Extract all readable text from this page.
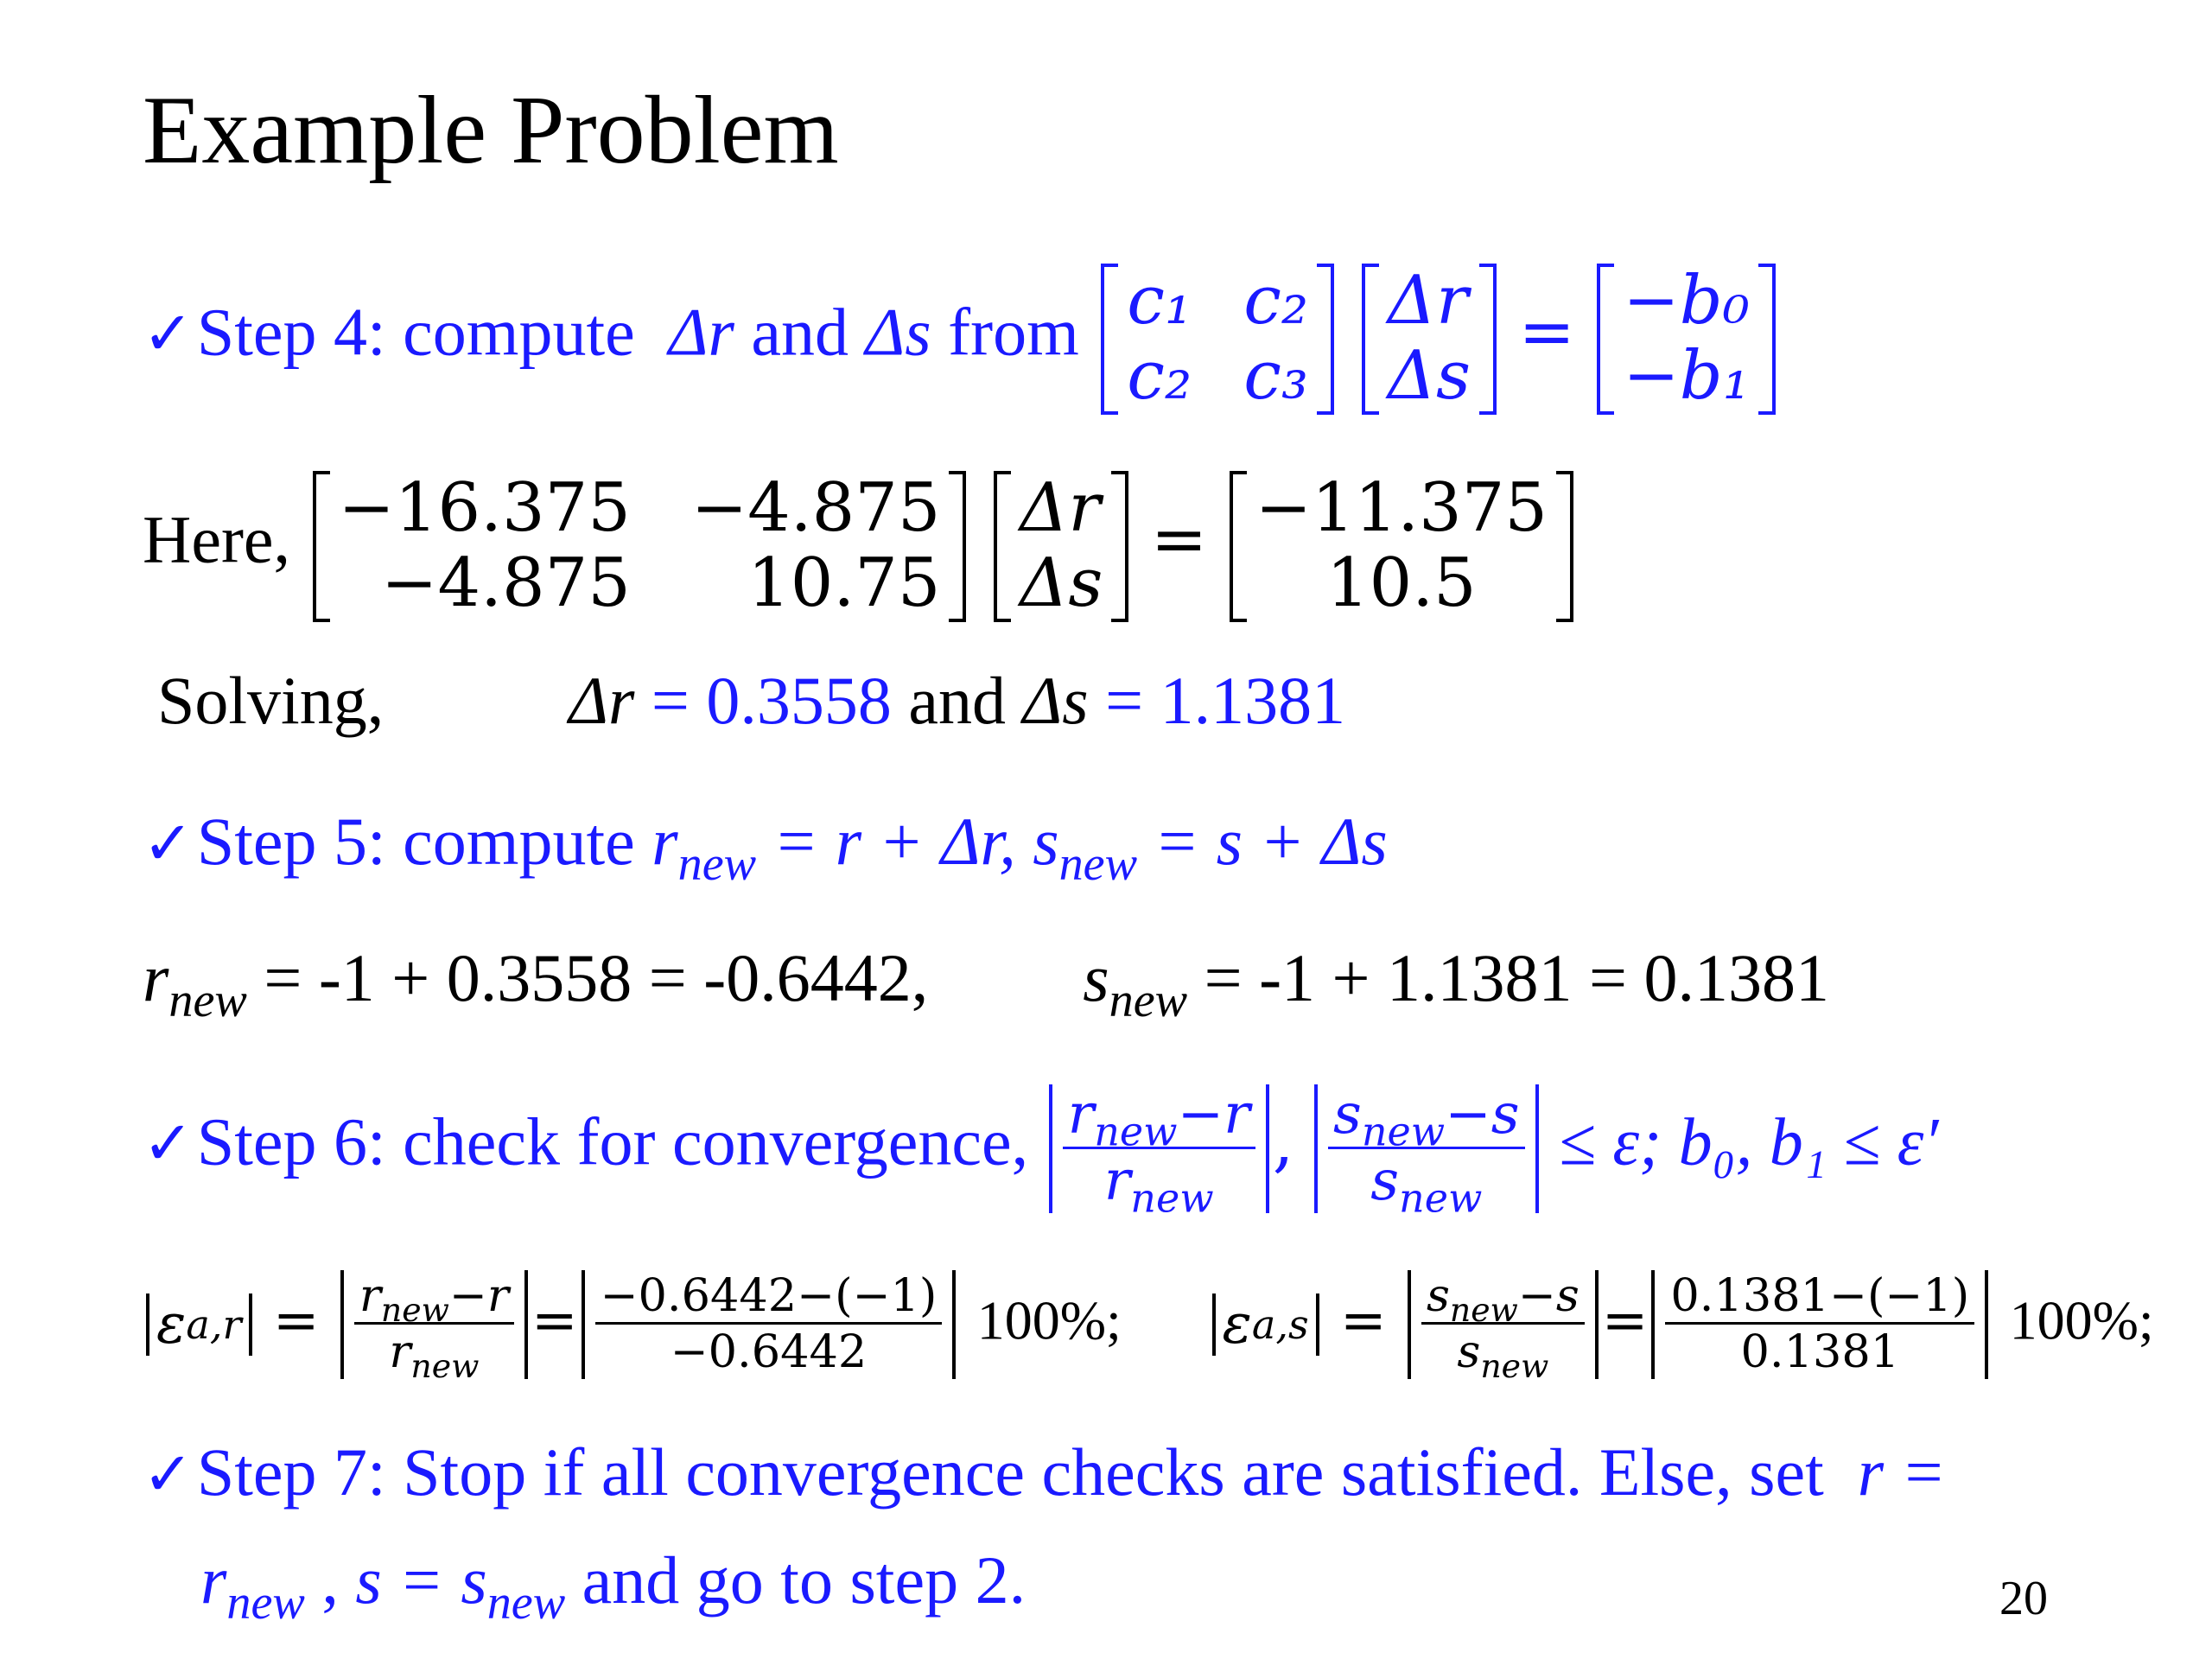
Example Problem
✓Step 4: compute Δr and Δs from c₁
c₂
c₂
c₃

Δr
Δs
= −b₀
−b₁
Here, −16.375
−4.875
−4.875
10.75

Δr
Δs
= −11.375
10.5
Solving,	Δr = 0.3558 and Δs = 1.1381
✓Step 5: compute $r_{new} = r + \Delta r$, $s_{new} = s + \Delta s$
$r_{new} = -1 + 0.3558 = -0.6442$, $s_{new} = -1 + 1.1381 = 0.1381$
✓Step 6: check for convergence, $\frac{r_{new}-r}{r_{new}}$ , $\frac{s_{new}-s}{s_{new}} \le \varepsilon$; b₀, b₁ ≤ ε′
ε $a,r = \frac{r_{new}-r}{r_{new}} = \frac{-0.6442-(-1)}{-0.6442} 100\%$; ε $a,s = \frac{s_{new}-s}{s_{new}} = \frac{0.1381-(-1)}{0.1381} 100\%$;
✓Step 7: Stop if all convergence checks are satisfied. Else, set r =
$r_{new}$ , $s = s_{new}$ and go to step 2.	20
